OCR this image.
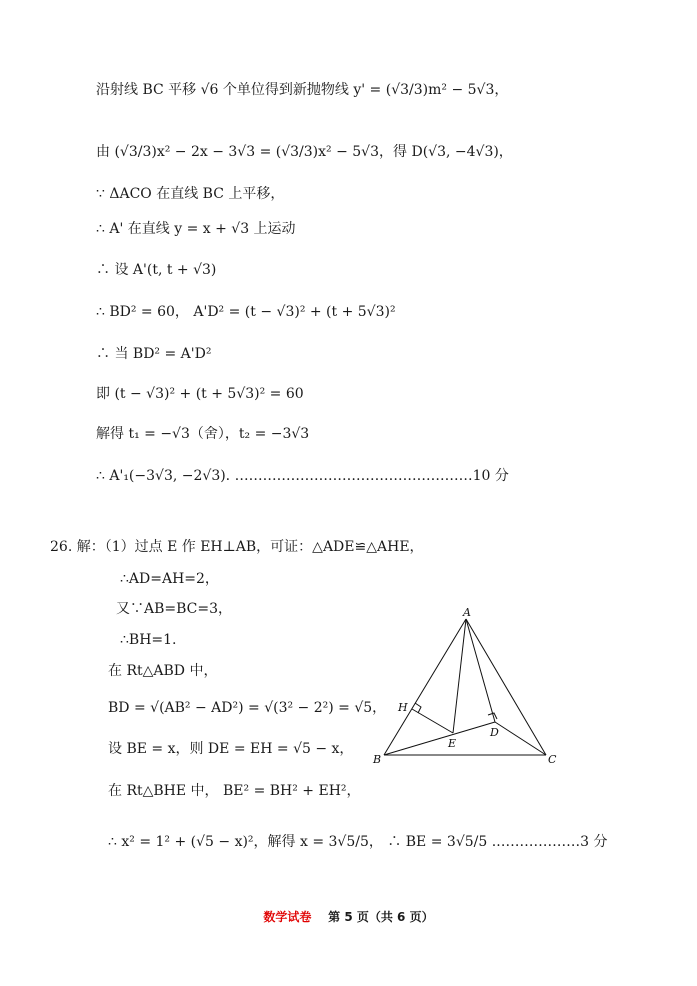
沿射线 BC 平移 √6 个单位得到新抛物线 y' = (√3/3)m² − 5√3，
由 (√3/3)x² − 2x − 3√3 = (√3/3)x² − 5√3，得 D(√3, −4√3)，
∵ ΔACO 在直线 BC 上平移，
∴ A' 在直线 y = x + √3 上运动
∴ 设 A'(t, t + √3)
∴ BD² = 60， A'D² = (t − √3)² + (t + 5√3)²
∴ 当 BD² = A'D²
即 (t − √3)² + (t + 5√3)² = 60
解得 t₁ = −√3（舍），t₂ = −3√3
∴ A'₁(−3√3, −2√3). ……………………………………………10 分
26. 解：（1）过点 E 作 EH⊥AB，可证：△ADE≌△AHE，
∴AD=AH=2，
又∵AB=BC=3，
∴BH=1.
在 Rt△ABD 中，
BD = √(AB² − AD²) = √(3² − 2²) = √5，
设 BE = x，则 DE = EH = √5 − x，
在 Rt△BHE 中， BE² = BH² + EH²，
∴ x² = 1² + (√5 − x)²，解得 x = 3√5/5， ∴ BE = 3√5/5 .………………3 分
A
B	C
D
E
H
数学试卷 第 5 页（共 6 页）
